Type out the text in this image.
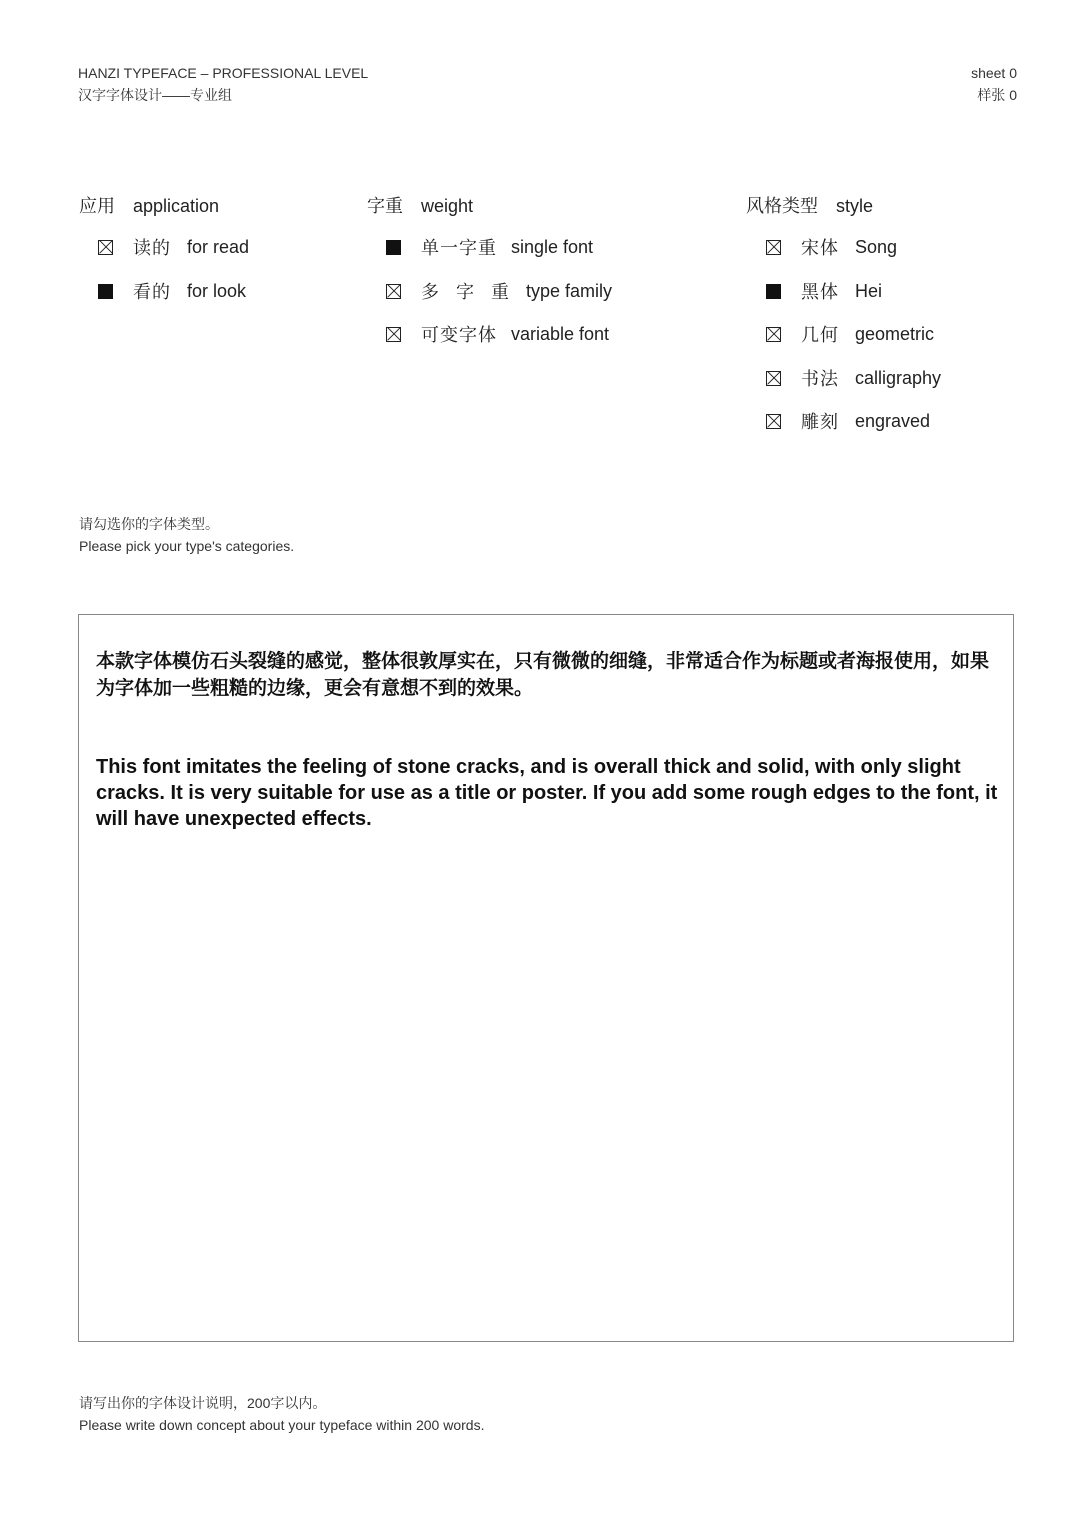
HANZI TYPEFACE – PROFESSIONAL LEVEL
汉字字体设计——专业组
sheet 0
样张 0
应用 application
读的 for read
看的 for look
字重 weight
单一字重 single font
多 字 重 type family
可变字体 variable font
风格类型 style
宋体 Song
黑体 Hei
几何 geometric
书法 calligraphy
雕刻 engraved
请勾选你的字体类型。
Please pick your type's categories.
本款字体模仿石头裂缝的感觉，整体很敦厚实在，只有微微的细缝，非常适合作为标题或者海报使用，如果为字体加一些粗糙的边缘，更会有意想不到的效果。
This font imitates the feeling of stone cracks, and is overall thick and solid, with only slight cracks. It is very suitable for use as a title or poster. If you add some rough edges to the font, it will have unexpected effects.
请写出你的字体设计说明，200字以内。
Please write down concept about your typeface within 200 words.
